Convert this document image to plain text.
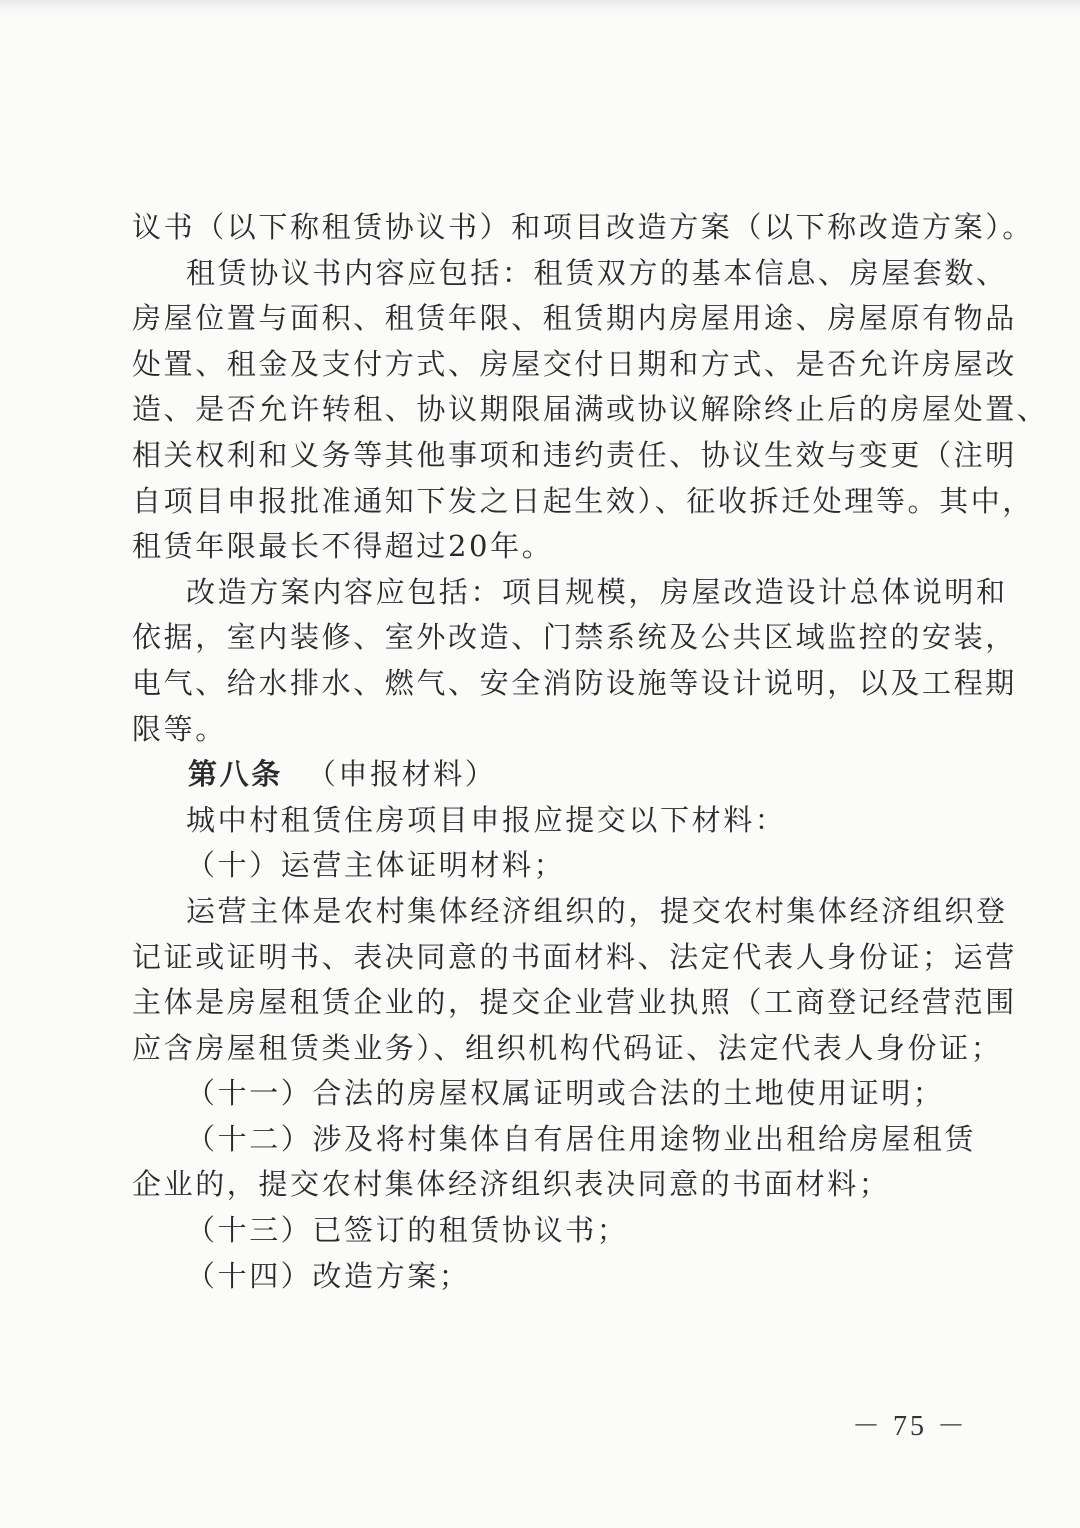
议书（以下称租赁协议书）和项目改造方案（以下称改造方案）。
租赁协议书内容应包括：租赁双方的基本信息、房屋套数、
房屋位置与面积、租赁年限、租赁期内房屋用途、房屋原有物品
处置、租金及支付方式、房屋交付日期和方式、是否允许房屋改
造、是否允许转租、协议期限届满或协议解除终止后的房屋处置、
相关权利和义务等其他事项和违约责任、协议生效与变更（注明
自项目申报批准通知下发之日起生效）、征收拆迁处理等。其中，
租赁年限最长不得超过20年。
改造方案内容应包括：项目规模，房屋改造设计总体说明和
依据，室内装修、室外改造、门禁系统及公共区域监控的安装，
电气、给水排水、燃气、安全消防设施等设计说明，以及工程期
限等。
第八条 （申报材料）
城中村租赁住房项目申报应提交以下材料：
（十）运营主体证明材料；
运营主体是农村集体经济组织的，提交农村集体经济组织登
记证或证明书、表决同意的书面材料、法定代表人身份证；运营
主体是房屋租赁企业的，提交企业营业执照（工商登记经营范围
应含房屋租赁类业务）、组织机构代码证、法定代表人身份证；
（十一）合法的房屋权属证明或合法的土地使用证明；
（十二）涉及将村集体自有居住用途物业出租给房屋租赁
企业的，提交农村集体经济组织表决同意的书面材料；
（十三）已签订的租赁协议书；
（十四）改造方案；
－ 75 －
